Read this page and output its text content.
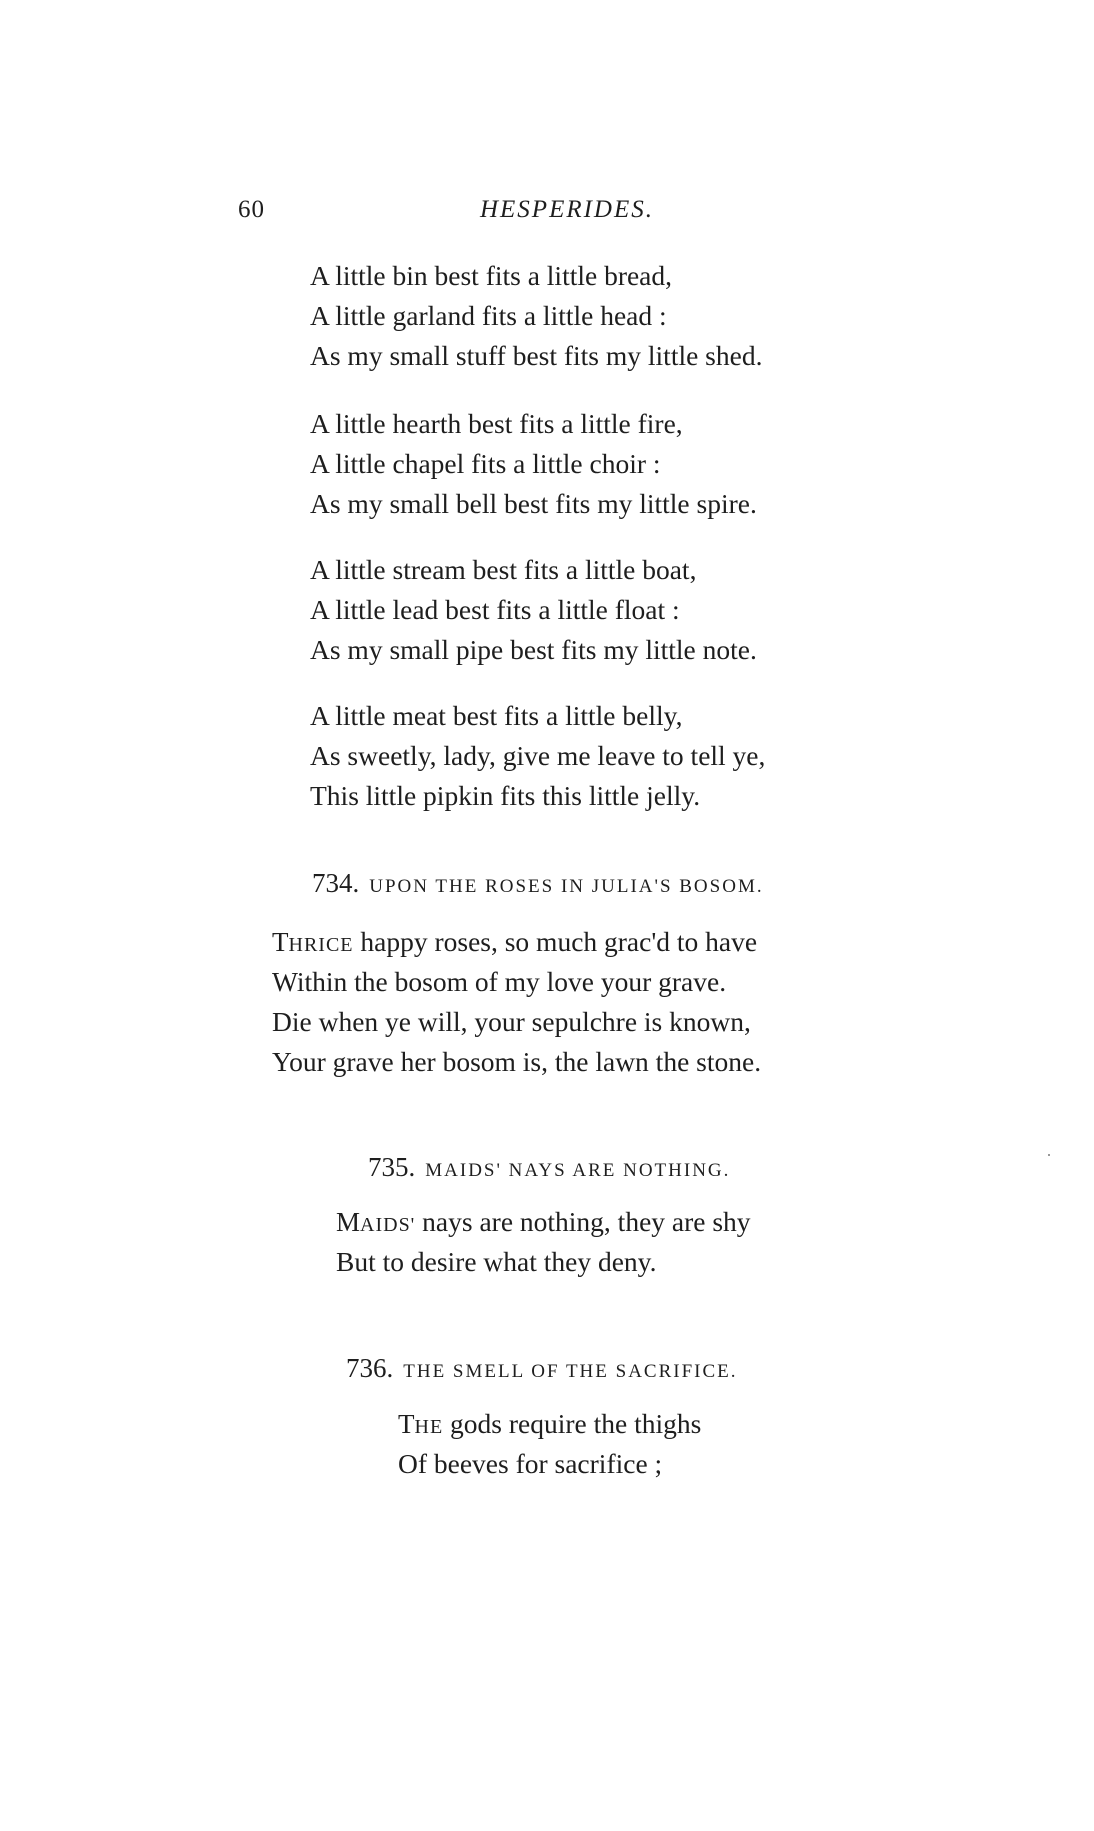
60	HESPERIDES.
A little bin best fits a little bread,
A little garland fits a little head :
As my small stuff best fits my little shed.
A little hearth best fits a little fire,
A little chapel fits a little choir :
As my small bell best fits my little spire.
A little stream best fits a little boat,
A little lead best fits a little float :
As my small pipe best fits my little note.
A little meat best fits a little belly,
As sweetly, lady, give me leave to tell ye,
This little pipkin fits this little jelly.
734. UPON THE ROSES IN JULIA'S BOSOM.
THRICE happy roses, so much grac'd to have
Within the bosom of my love your grave.
Die when ye will, your sepulchre is known,
Your grave her bosom is, the lawn the stone.
735. MAIDS' NAYS ARE NOTHING.
MAIDS' nays are nothing, they are shy
But to desire what they deny.
736. THE SMELL OF THE SACRIFICE.
THE gods require the thighs
Of beeves for sacrifice ;
